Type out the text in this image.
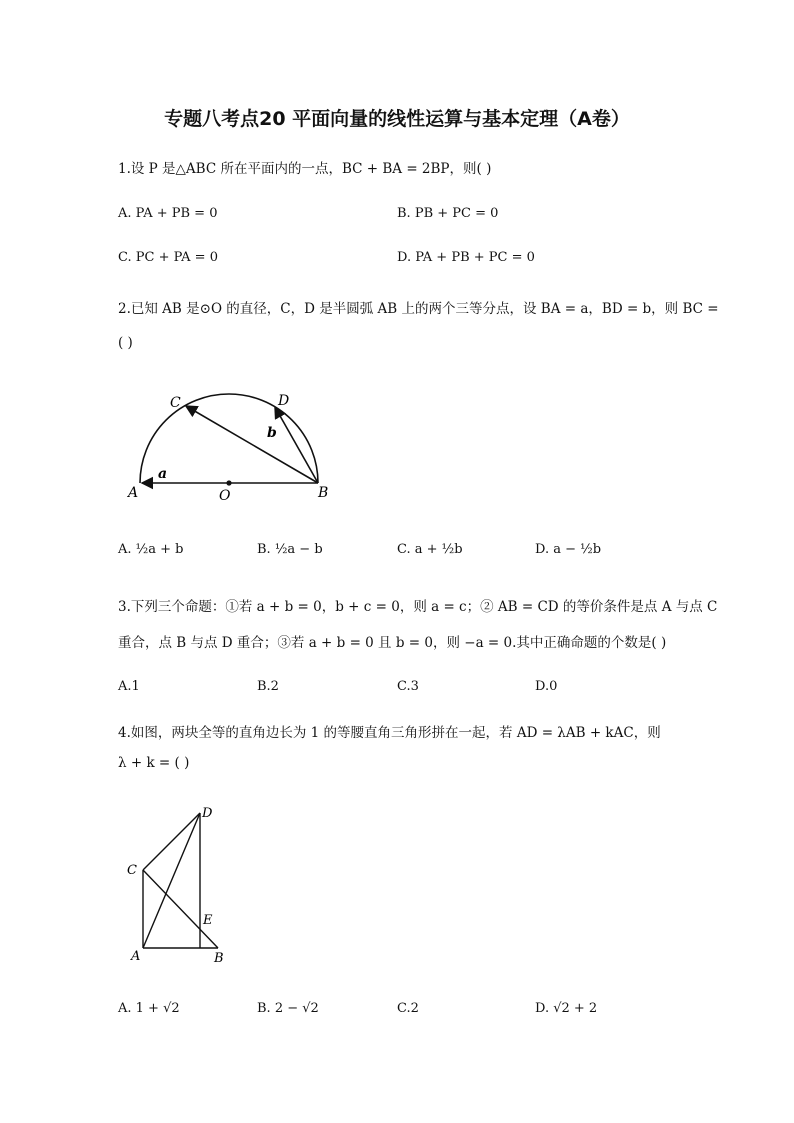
专题八考点20 平面向量的线性运算与基本定理（A卷）
1.设 P 是△ABC 所在平面内的一点，BC + BA = 2BP，则( )
A. PA + PB = 0	B. PB + PC = 0
C. PC + PA = 0	D. PA + PB + PC = 0
2.已知 AB 是⊙O 的直径，C，D 是半圆弧 AB 上的两个三等分点，设 BA = a，BD = b，则 BC =
( )
A	B
C	D
O
a
b
A. ½a + b	B. ½a − b	C. a + ½b	D. a − ½b
3.下列三个命题：①若 a + b = 0，b + c = 0，则 a = c；② AB = CD 的等价条件是点 A 与点 C
重合，点 B 与点 D 重合；③若 a + b = 0 且 b = 0，则 −a = 0.其中正确命题的个数是( )
A.1	B.2	C.3	D.0
4.如图，两块全等的直角边长为 1 的等腰直角三角形拼在一起，若 AD = λAB + kAC，则
λ + k = ( )
D
C
E
A	B
A. 1 + √2	B. 2 − √2	C.2	D. √2 + 2
